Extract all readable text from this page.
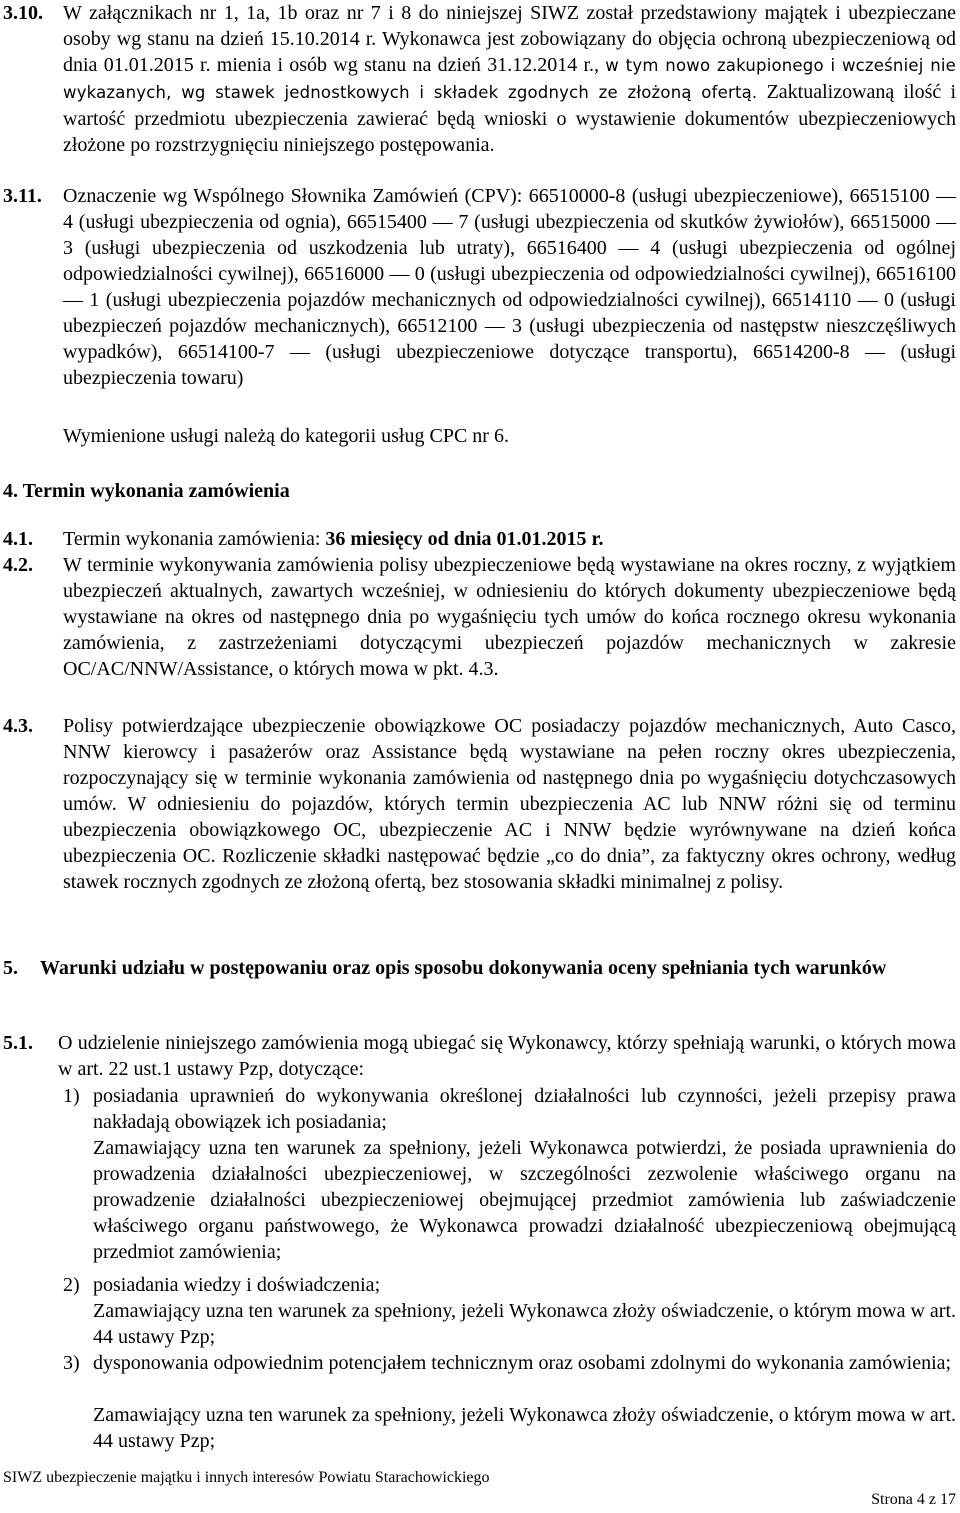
3.10. W załącznikach nr 1, 1a, 1b oraz nr 7 i 8 do niniejszej SIWZ został przedstawiony majątek i ubezpieczane osoby wg stanu na dzień 15.10.2014 r. Wykonawca jest zobowiązany do objęcia ochroną ubezpieczeniową od dnia 01.01.2015 r. mienia i osób wg stanu na dzień 31.12.2014 r., w tym nowo zakupionego i wcześniej nie wykazanych, wg stawek jednostkowych i składek zgodnych ze złożoną ofertą. Zaktualizowaną ilość i wartość przedmiotu ubezpieczenia zawierać będą wnioski o wystawienie dokumentów ubezpieczeniowych złożone po rozstrzygnięciu niniejszego postępowania.
3.11. Oznaczenie wg Wspólnego Słownika Zamówień (CPV): 66510000-8 (usługi ubezpieczeniowe), 66515100 — 4 (usługi ubezpieczenia od ognia), 66515400 — 7 (usługi ubezpieczenia od skutków żywiołów), 66515000 — 3 (usługi ubezpieczenia od uszkodzenia lub utraty), 66516400 — 4 (usługi ubezpieczenia od ogólnej odpowiedzialności cywilnej), 66516000 — 0 (usługi ubezpieczenia od odpowiedzialności cywilnej), 66516100 — 1 (usługi ubezpieczenia pojazdów mechanicznych od odpowiedzialności cywilnej), 66514110 — 0 (usługi ubezpieczeń pojazdów mechanicznych), 66512100 — 3 (usługi ubezpieczenia od następstw nieszczęśliwych wypadków), 66514100-7 — (usługi ubezpieczeniowe dotyczące transportu), 66514200-8 — (usługi ubezpieczenia towaru)
Wymienione usługi należą do kategorii usług CPC nr 6.
4. Termin wykonania zamówienia
4.1. Termin wykonania zamówienia: 36 miesięcy od dnia 01.01.2015 r.
4.2. W terminie wykonywania zamówienia polisy ubezpieczeniowe będą wystawiane na okres roczny, z wyjątkiem ubezpieczeń aktualnych, zawartych wcześniej, w odniesieniu do których dokumenty ubezpieczeniowe będą wystawiane na okres od następnego dnia po wygaśnięciu tych umów do końca rocznego okresu wykonania zamówienia, z zastrzeżeniami dotyczącymi ubezpieczeń pojazdów mechanicznych w zakresie OC/AC/NNW/Assistance, o których mowa w pkt. 4.3.
4.3. Polisy potwierdzające ubezpieczenie obowiązkowe OC posiadaczy pojazdów mechanicznych, Auto Casco, NNW kierowcy i pasażerów oraz Assistance będą wystawiane na pełen roczny okres ubezpieczenia, rozpoczynający się w terminie wykonania zamówienia od następnego dnia po wygaśnięciu dotychczasowych umów. W odniesieniu do pojazdów, których termin ubezpieczenia AC lub NNW różni się od terminu ubezpieczenia obowiązkowego OC, ubezpieczenie AC i NNW będzie wyrównywane na dzień końca ubezpieczenia OC. Rozliczenie składki następować będzie „co do dnia”, za faktyczny okres ochrony, według stawek rocznych zgodnych ze złożoną ofertą, bez stosowania składki minimalnej z polisy.
5. Warunki udziału w postępowaniu oraz opis sposobu dokonywania oceny spełniania tych warunków
5.1. O udzielenie niniejszego zamówienia mogą ubiegać się Wykonawcy, którzy spełniają warunki, o których mowa w art. 22 ust.1 ustawy Pzp, dotyczące:
1) posiadania uprawnień do wykonywania określonej działalności lub czynności, jeżeli przepisy prawa nakładają obowiązek ich posiadania;
Zamawiający uzna ten warunek za spełniony, jeżeli Wykonawca potwierdzi, że posiada uprawnienia do prowadzenia działalności ubezpieczeniowej, w szczególności zezwolenie właściwego organu na prowadzenie działalności ubezpieczeniowej obejmującej przedmiot zamówienia lub zaświadczenie właściwego organu państwowego, że Wykonawca prowadzi działalność ubezpieczeniową obejmującą przedmiot zamówienia;
2) posiadania wiedzy i doświadczenia;
Zamawiający uzna ten warunek za spełniony, jeżeli Wykonawca złoży oświadczenie, o którym mowa w art. 44 ustawy Pzp;
3) dysponowania odpowiednim potencjałem technicznym oraz osobami zdolnymi do wykonania zamówienia;
Zamawiający uzna ten warunek za spełniony, jeżeli Wykonawca złoży oświadczenie, o którym mowa w art. 44 ustawy Pzp;
SIWZ ubezpieczenie majątku i innych interesów Powiatu Starachowickiego
Strona 4 z 17
